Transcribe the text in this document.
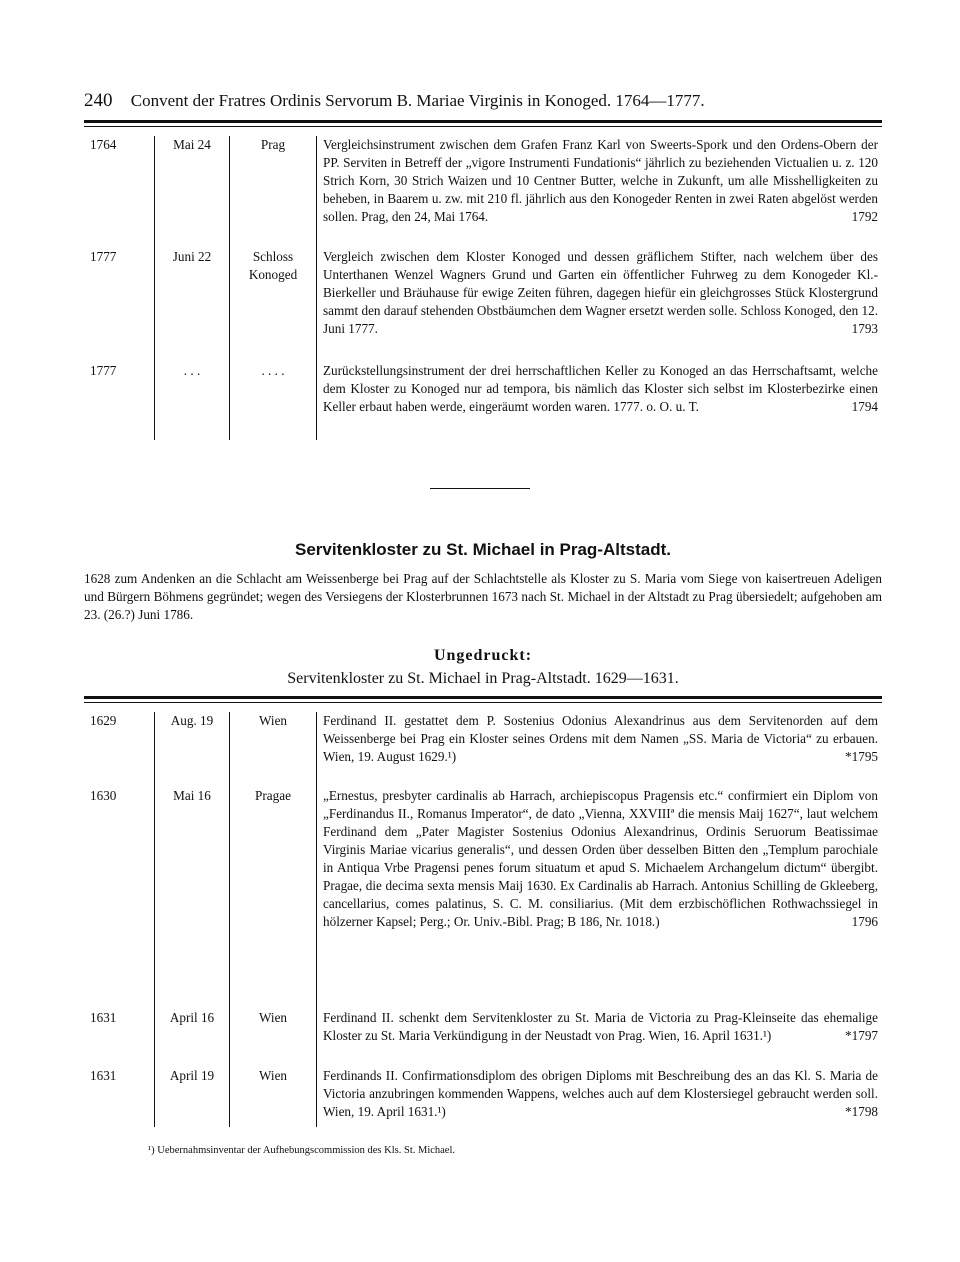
240 Convent der Fratres Ordinis Servorum B. Mariae Virginis in Konoged. 1764—1777.
1764	Mai 24	Prag	Vergleichsinstrument zwischen dem Grafen Franz Karl von Sweerts-Spork und den Ordens-Obern der PP. Serviten in Betreff der „vigore Instrumenti Fundationis“ jährlich zu beziehenden Victualien u. z. 120 Strich Korn, 30 Strich Waizen und 10 Centner Butter, welche in Zukunft, um alle Misshelligkeiten zu beheben, in Baarem u. zw. mit 210 fl. jährlich aus den Konogeder Renten in zwei Raten abgelöst werden sollen. Prag, den 24, Mai 1764. 1792

1777	Juni 22	Schloss Konoged	Vergleich zwischen dem Kloster Konoged und dessen gräflichem Stifter, nach welchem über des Unterthanen Wenzel Wagners Grund und Garten ein öffentlicher Fuhrweg zu dem Konogeder Kl.-Bierkeller und Bräuhause für ewige Zeiten führen, dagegen hiefür ein gleichgrosses Stück Klostergrund sammt den darauf stehenden Obstbäumchen dem Wagner ersetzt werden solle. Schloss Konoged, den 12. Juni 1777. 1793

1777	. . .	. . . .	Zurückstellungsinstrument der drei herrschaftlichen Keller zu Konoged an das Herrschaftsamt, welche dem Kloster zu Konoged nur ad tempora, bis nämlich das Kloster sich selbst im Klosterbezirke einen Keller erbaut haben werde, eingeräumt worden waren. 1777. o. O. u. T. 1794
Servitenkloster zu St. Michael in Prag-Altstadt.
1628 zum Andenken an die Schlacht am Weissenberge bei Prag auf der Schlachtstelle als Kloster zu S. Maria vom Siege von kaisertreuen Adeligen und Bürgern Böhmens gegründet; wegen des Versiegens der Klosterbrunnen 1673 nach St. Michael in der Altstadt zu Prag übersiedelt; aufgehoben am 23. (26.?) Juni 1786.
Ungedruckt:
Servitenkloster zu St. Michael in Prag-Altstadt. 1629—1631.
1629	Aug. 19	Wien	Ferdinand II. gestattet dem P. Sostenius Odonius Alexandrinus aus dem Servitenorden auf dem Weissenberge bei Prag ein Kloster seines Ordens mit dem Namen „SS. Maria de Victoria“ zu erbauen. Wien, 19. August 1629.¹) *1795

1630	Mai 16	Pragae	„Ernestus, presbyter cardinalis ab Harrach, archiepiscopus Pragensis etc.“ confirmiert ein Diplom von „Ferdinandus II., Romanus Imperator“, de dato „Vienna, XXVIIIª die mensis Maij 1627“, laut welchem Ferdinand dem „Pater Magister Sostenius Odonius Alexandrinus, Ordinis Seruorum Beatissimae Virginis Mariae vicarius generalis“, und dessen Orden über desselben Bitten den „Templum parochiale in Antiqua Vrbe Pragensi penes forum situatum et apud S. Michaelem Archangelum dictum“ übergibt. Pragae, die decima sexta mensis Maij 1630. Ex Cardinalis ab Harrach. Antonius Schilling de Gkleeberg, cancellarius, comes palatinus, S. C. M. consiliarius. (Mit dem erzbischöflichen Rothwachssiegel in hölzerner Kapsel; Perg.; Or. Univ.-Bibl. Prag; B 186, Nr. 1018.) 1796

1631	April 16	Wien	Ferdinand II. schenkt dem Servitenkloster zu St. Maria de Victoria zu Prag-Kleinseite das ehemalige Kloster zu St. Maria Verkündigung in der Neustadt von Prag. Wien, 16. April 1631.¹) *1797

1631	April 19	Wien	Ferdinands II. Confirmationsdiplom des obrigen Diploms mit Beschreibung des an das Kl. S. Maria de Victoria anzubringen kommenden Wappens, welches auch auf dem Klostersiegel gebraucht werden soll. Wien, 19. April 1631.¹) *1798
¹) Uebernahmsinventar der Aufhebungscommission des Kls. St. Michael.
